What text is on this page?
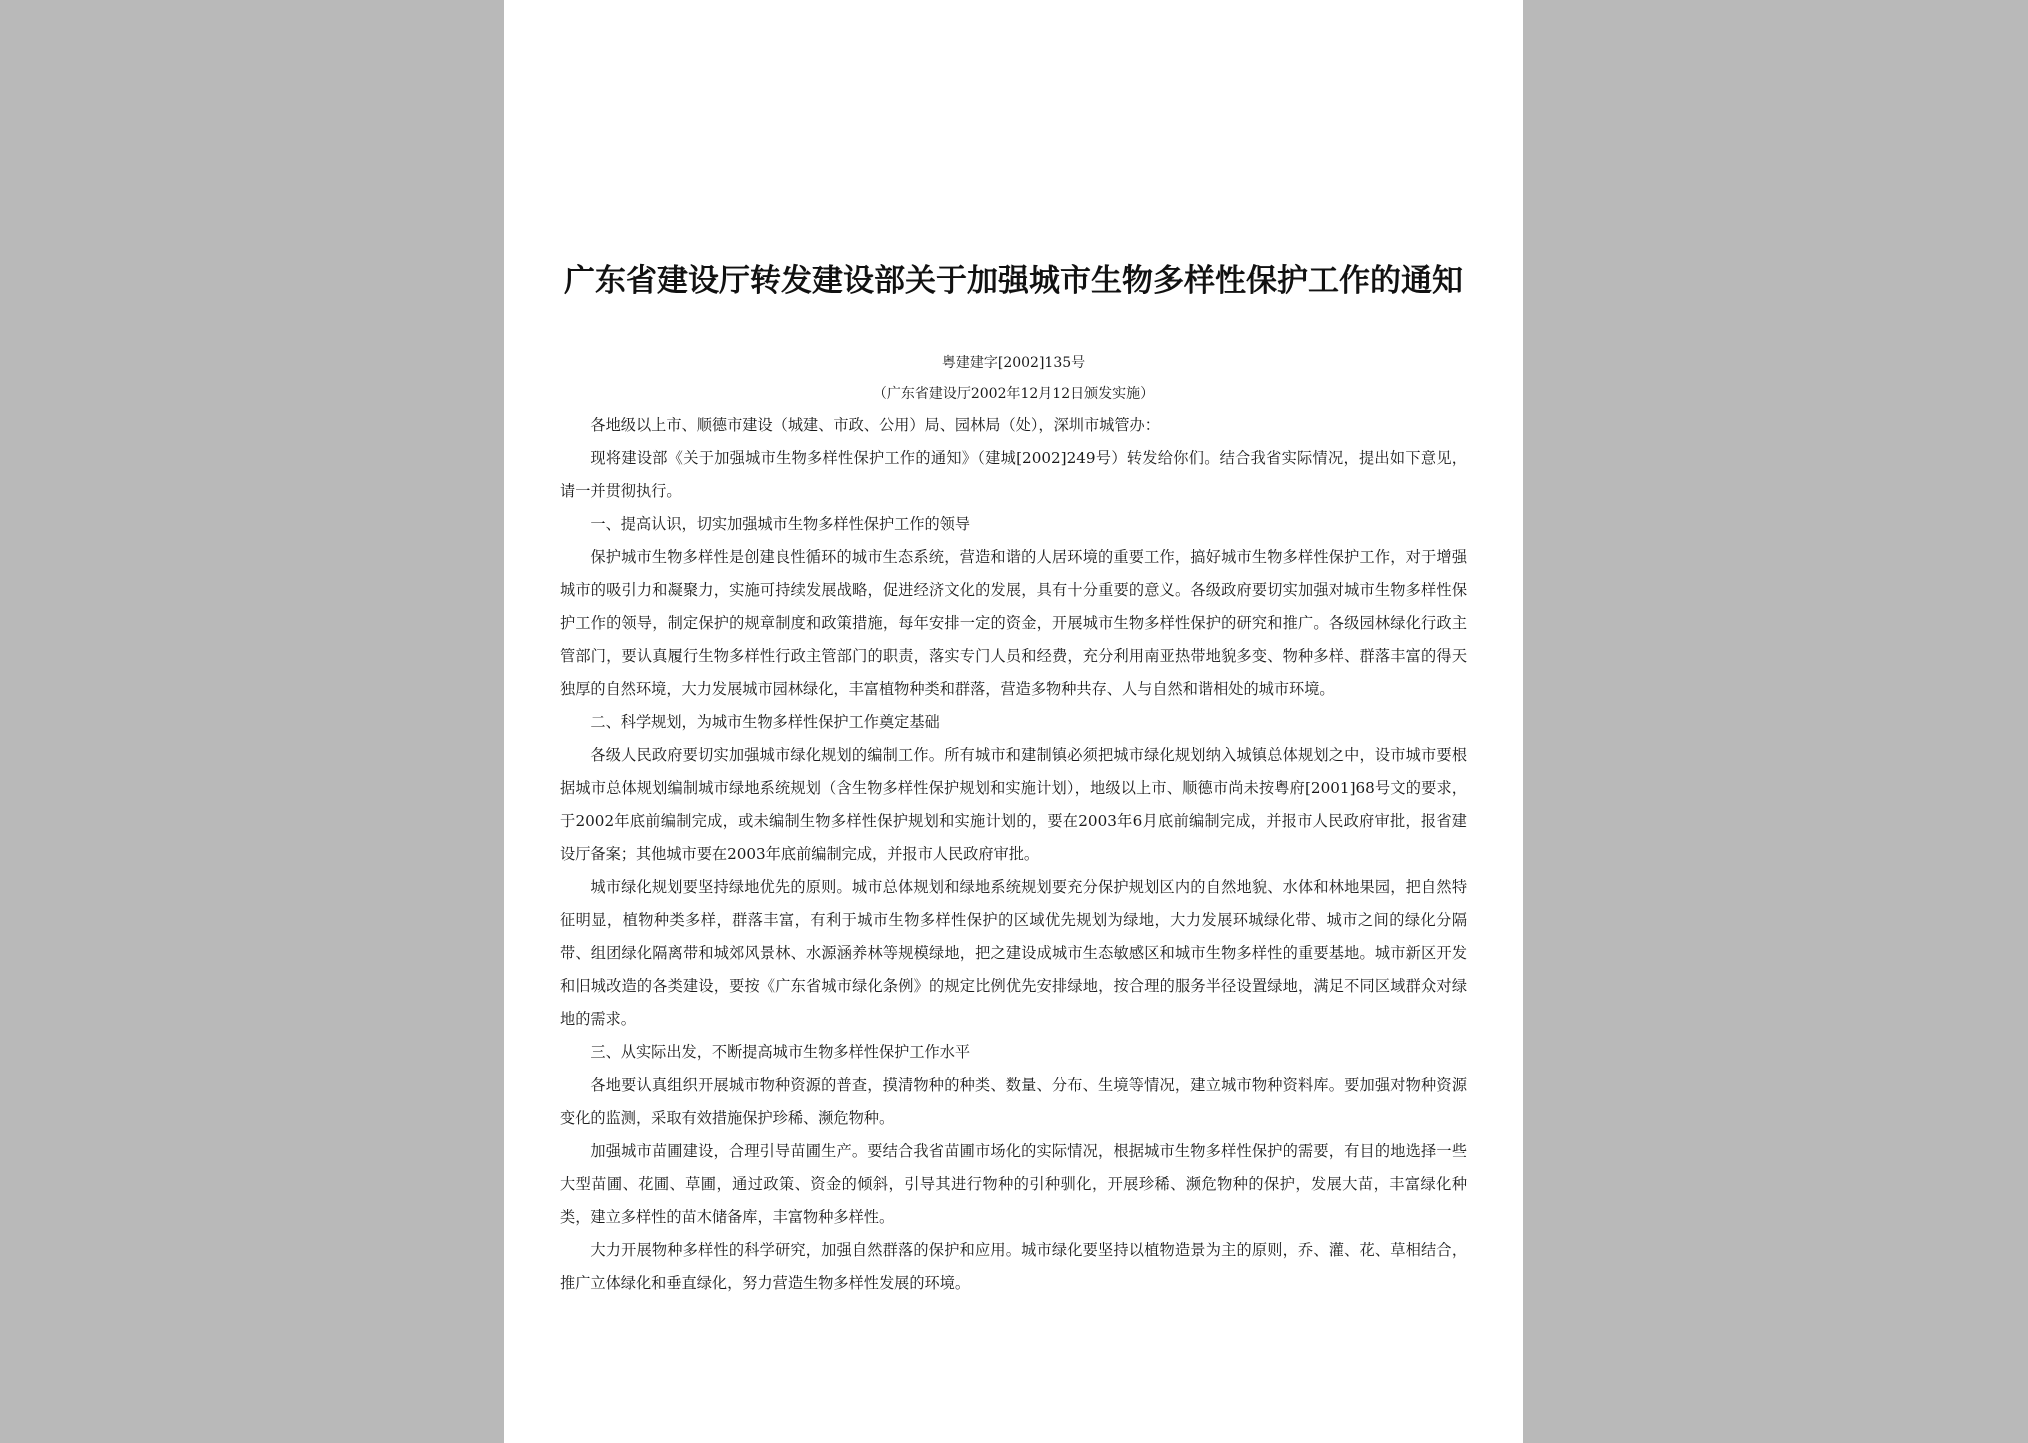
广东省建设厅转发建设部关于加强城市生物多样性保护工作的通知
粤建建字[2002]135号
（广东省建设厅2002年12月12日颁发实施）

各地级以上市、顺德市建设（城建、市政、公用）局、园林局（处），深圳市城管办：

现将建设部《关于加强城市生物多样性保护工作的通知》（建城[2002]249号）转发给你们。结合我省实际情况，提出如下意见，请一并贯彻执行。

一、提高认识，切实加强城市生物多样性保护工作的领导

保护城市生物多样性是创建良性循环的城市生态系统，营造和谐的人居环境的重要工作，搞好城市生物多样性保护工作，对于增强城市的吸引力和凝聚力，实施可持续发展战略，促进经济文化的发展，具有十分重要的意义。各级政府要切实加强对城市生物多样性保护工作的领导，制定保护的规章制度和政策措施，每年安排一定的资金，开展城市生物多样性保护的研究和推广。各级园林绿化行政主管部门，要认真履行生物多样性行政主管部门的职责，落实专门人员和经费，充分利用南亚热带地貌多变、物种多样、群落丰富的得天独厚的自然环境，大力发展城市园林绿化，丰富植物种类和群落，营造多物种共存、人与自然和谐相处的城市环境。

二、科学规划，为城市生物多样性保护工作奠定基础

各级人民政府要切实加强城市绿化规划的编制工作。所有城市和建制镇必须把城市绿化规划纳入城镇总体规划之中，设市城市要根据城市总体规划编制城市绿地系统规划（含生物多样性保护规划和实施计划），地级以上市、顺德市尚未按粤府[2001]68号文的要求，于2002年底前编制完成，或未编制生物多样性保护规划和实施计划的，要在2003年6月底前编制完成，并报市人民政府审批，报省建设厅备案；其他城市要在2003年底前编制完成，并报市人民政府审批。

城市绿化规划要坚持绿地优先的原则。城市总体规划和绿地系统规划要充分保护规划区内的自然地貌、水体和林地果园，把自然特征明显，植物种类多样，群落丰富，有利于城市生物多样性保护的区域优先规划为绿地，大力发展环城绿化带、城市之间的绿化分隔带、组团绿化隔离带和城郊风景林、水源涵养林等规模绿地，把之建设成城市生态敏感区和城市生物多样性的重要基地。城市新区开发和旧城改造的各类建设，要按《广东省城市绿化条例》的规定比例优先安排绿地，按合理的服务半径设置绿地，满足不同区域群众对绿地的需求。

三、从实际出发，不断提高城市生物多样性保护工作水平

各地要认真组织开展城市物种资源的普查，摸清物种的种类、数量、分布、生境等情况，建立城市物种资料库。要加强对物种资源变化的监测，采取有效措施保护珍稀、濒危物种。

加强城市苗圃建设，合理引导苗圃生产。要结合我省苗圃市场化的实际情况，根据城市生物多样性保护的需要，有目的地选择一些大型苗圃、花圃、草圃，通过政策、资金的倾斜，引导其进行物种的引种驯化，开展珍稀、濒危物种的保护，发展大苗，丰富绿化种类，建立多样性的苗木储备库，丰富物种多样性。

大力开展物种多样性的科学研究，加强自然群落的保护和应用。城市绿化要坚持以植物造景为主的原则，乔、灌、花、草相结合，推广立体绿化和垂直绿化，努力营造生物多样性发展的环境。
